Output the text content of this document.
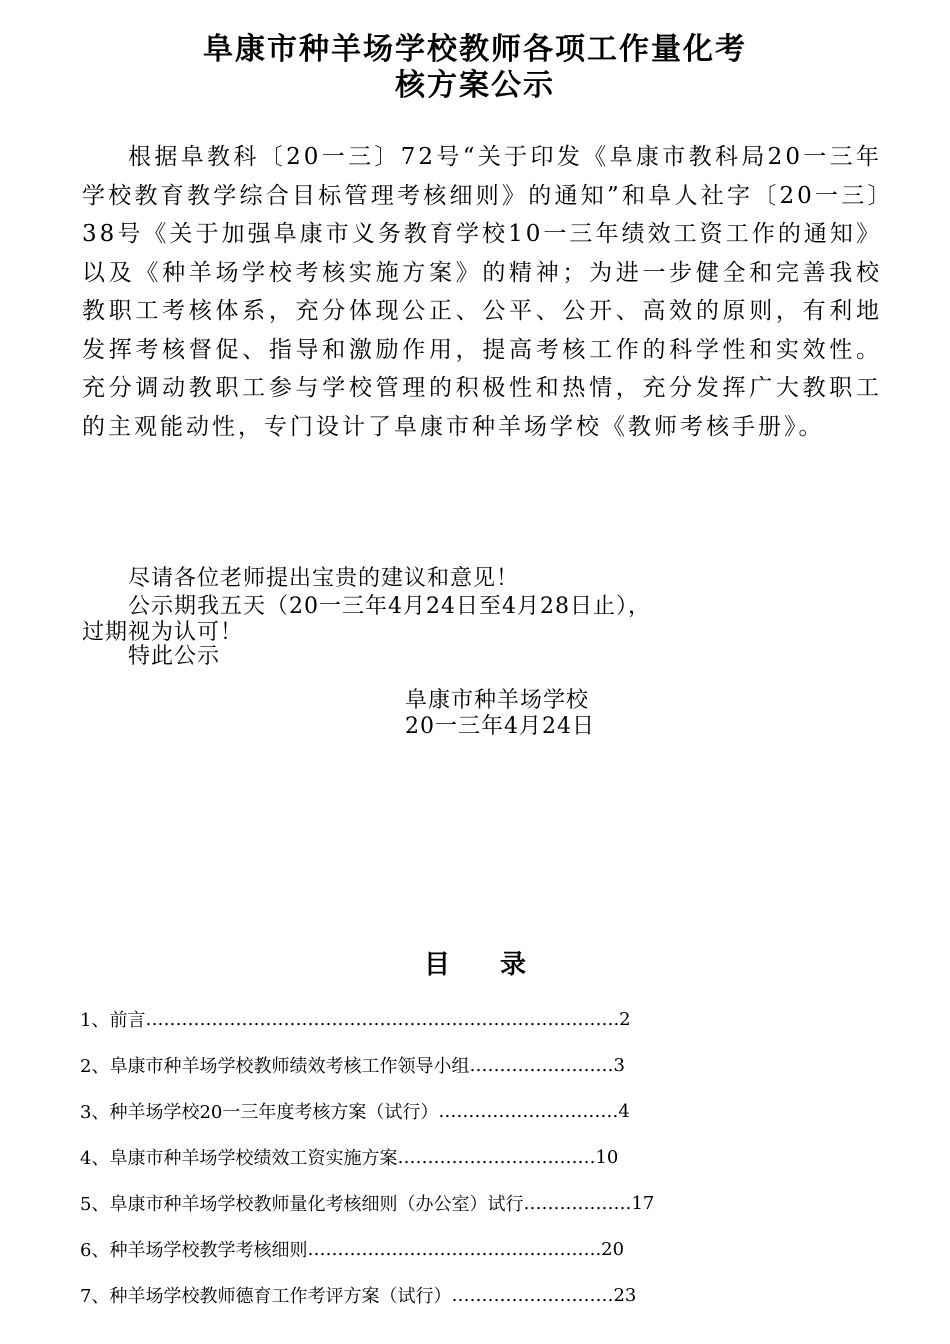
阜康市种羊场学校教师各项工作量化考
核方案公示

根据阜教科〔20一三〕72号“关于印发《阜康市教科局20一三年学校教育教学综合目标管理考核细则》的通知”和阜人社字〔20一三〕38号《关于加强阜康市义务教育学校10一三年绩效工资工作的通知》以及《种羊场学校考核实施方案》的精神；为进一步健全和完善我校教职工考核体系，充分体现公正、公平、公开、高效的原则，有利地发挥考核督促、指导和激励作用，提高考核工作的科学性和实效性。充分调动教职工参与学校管理的积极性和热情，充分发挥广大教职工的主观能动性，专门设计了阜康市种羊场学校《教师考核手册》。

尽请各位老师提出宝贵的建议和意见！

公示期我五天（20一三年4月24日至4月28日止），

过期视为认可！

特此公示

阜康市种羊场学校

20一三年4月24日

目录
1、前言 …………………………………………………………………… .2
2、阜康市种羊场学校教师绩效考核工作领导小组 …………………… 3
3、种羊场学校20一三年度考核方案（试行） ………………………… 4
4、阜康市种羊场学校绩效工资实施方案 …………………………… 10
5、阜康市种羊场学校教师量化考核细则（办公室）试行 ……………… 17
6、种羊场学校教学考核细则 ………………………………………… .20
7、种羊场学校教师德育工作考评方案（试行） ……………………… 23
